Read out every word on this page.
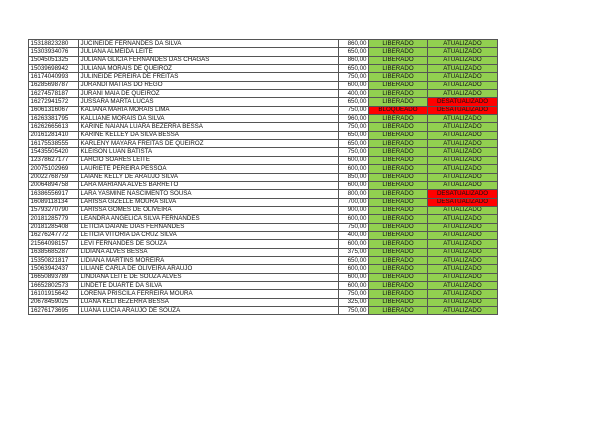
15318823280	JUCINEIDE FERNANDES DA SILVA	860,00	LIBERADO	ATUALIZADO
15303934076	JULIANA ALMEIDA LEITE	650,00	LIBERADO	ATUALIZADO
15045051325	JULIANA GLICIA FERNANDES DAS CHAGAS	860,00	LIBERADO	ATUALIZADO
15039698942	JULIANA MORAIS DE QUEIROZ	650,00	LIBERADO	ATUALIZADO
16174040993	JULINEIDE PEREIRA DE FREITAS	750,00	LIBERADO	ATUALIZADO
16285698787	JURANDI MATIAS DO REGO	600,00	LIBERADO	ATUALIZADO
16274578187	JURANI MAIA DE QUEIROZ	400,00	LIBERADO	ATUALIZADO
16272941572	JUSSARA MARTA LUCAS	650,00	LIBERADO	DESATUALIZADO
16061316067	KALIANA MARIA MORAIS LIMA	750,00	BLOQUEADO	DESATUALIZADO
16263381795	KALLIANE MORAIS DA SILVA	960,00	LIBERADO	ATUALIZADO
16262665613	KARINE NAIANA LUARA BEZERRA BESSA	750,00	LIBERADO	ATUALIZADO
20161281410	KARINE KELLEY DA SILVA BESSA	650,00	LIBERADO	ATUALIZADO
16175538555	KARLENY MAYARA FREITAS DE QUEIROZ	650,00	LIBERADO	ATUALIZADO
15435505420	KLEISON LUAN BATISTA	750,00	LIBERADO	ATUALIZADO
12378627177	LARCIO SOARES LEITE	600,00	LIBERADO	ATUALIZADO
20075102969	LAURIETE PEREIRA PESSOA	600,00	LIBERADO	ATUALIZADO
20022768759	LAIANE KELLY DE ARAUJO SILVA	850,00	LIBERADO	ATUALIZADO
20064894758	LARA MARIANA ALVES BARRETO	600,00	LIBERADO	ATUALIZADO
16386556917	LARA YASMINE NASCIMENTO SOUSA	800,00	LIBERADO	DESATUALIZADO
16089118134	LARISSA GIZELLE MOURA SILVA	700,00	LIBERADO	DESATUALIZADO
15793270790	LARISSA GOMES DE OLIVEIRA	900,00	LIBERADO	ATUALIZADO
20181285779	LEANDRA ANGELICA SILVA FERNANDES	600,00	LIBERADO	ATUALIZADO
20181285408	LETICIA DAIANE DIAS FERNANDES	750,00	LIBERADO	ATUALIZADO
16276247772	LETICIA VITORIA DA CRUZ SILVA	400,00	LIBERADO	ATUALIZADO
21564098157	LEVI FERNANDES DE SOUZA	600,00	LIBERADO	ATUALIZADO
16385685287	LIDIANA ALVES BESSA	375,00	LIBERADO	ATUALIZADO
15350821817	LIDIANA MARTINS MOREIRA	650,00	LIBERADO	ATUALIZADO
15063942437	LILIANE CARLA DE OLIVEIRA ARAUJO	600,00	LIBERADO	ATUALIZADO
16650893789	LINDIANA LEITE DE SOUZA ALVES	600,00	LIBERADO	ATUALIZADO
16652802573	LINDETE DUARTE DA SILVA	600,00	LIBERADO	ATUALIZADO
16101915642	LORENA PRISCILA FERREIRA MOURA	750,00	LIBERADO	ATUALIZADO
20678459025	LUANA KELI BEZERRA BESSA	325,00	LIBERADO	ATUALIZADO
16276173695	LUANA LUCIA ARAUJO DE SOUZA	750,00	LIBERADO	ATUALIZADO
